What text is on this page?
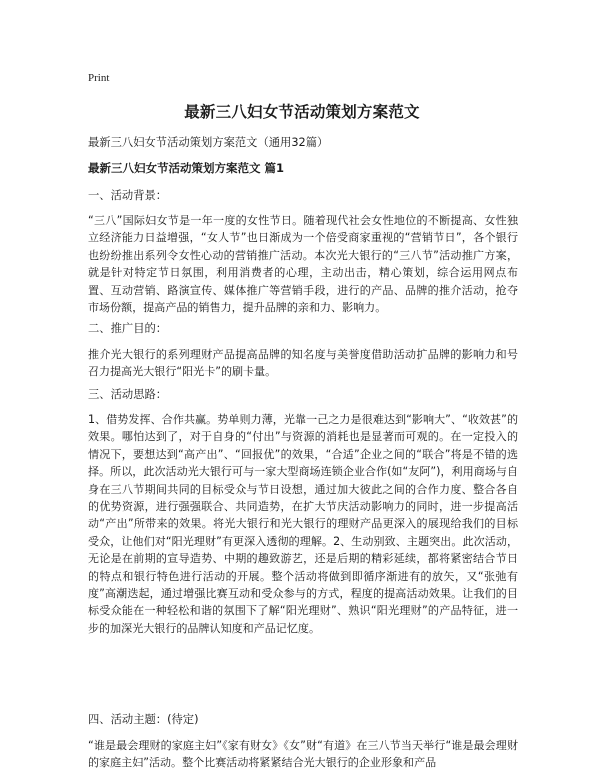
Print
最新三八妇女节活动策划方案范文

最新三八妇女节活动策划方案范文（通用32篇）

最新三八妇女节活动策划方案范文 篇1

一、活动背景：

“三八”国际妇女节是一年一度的女性节日。随着现代社会女性地位的不断提高、女性独立经济能力日益增强，“女人节”也日渐成为一个倍受商家重视的“营销节日”，各个银行也纷纷推出系列令女性心动的营销推广活动。本次光大银行的“三八节”活动推广方案，就是针对特定节日氛围，利用消费者的心理，主动出击，精心策划，综合运用网点布置、互动营销、路演宣传、媒体推广等营销手段，进行的产品、品牌的推介活动，抢夺市场份额，提高产品的销售力，提升品牌的亲和力、影响力。

二、推广目的：

推介光大银行的系列理财产品提高品牌的知名度与美誉度借助活动扩品牌的影响力和号召力提高光大银行“阳光卡”的刷卡量。

三、活动思路：

1、借势发挥、合作共赢。势单则力薄，光靠一己之力是很难达到“影响大”、“收效甚”的效果。哪怕达到了，对于自身的“付出”与资源的消耗也是显著而可观的。在一定投入的情况下，要想达到“高产出”、“回报优”的效果，“合适”企业之间的“联合”将是不错的选择。所以，此次活动光大银行可与一家大型商场连锁企业合作(如“友阿”)，利用商场与自身在三八节期间共同的目标受众与节日设想，通过加大彼此之间的合作力度、整合各自的优势资源，进行强强联合、共同造势，在扩大节庆活动影响力的同时，进一步提高活动“产出”所带来的效果。将光大银行和光大银行的理财产品更深入的展现给我们的目标受众，让他们对“阳光理财”有更深入透彻的理解。2、生动别致、主题突出。此次活动，无论是在前期的宣导造势、中期的趣致游艺，还是后期的精彩延续，都将紧密结合节日的特点和银行特色进行活动的开展。整个活动将做到即循序渐进有的放矢，又“张弛有度”高潮迭起，通过增强比赛互动和受众参与的方式，程度的提高活动效果。让我们的目标受众能在一种轻松和谐的氛围下了解“阳光理财”、熟识“阳光理财”的产品特征，进一步的加深光大银行的品牌认知度和产品记忆度。

四、活动主题：(待定)

“谁是最会理财的家庭主妇”《家有财女》《女”财“有道》在三八节当天举行“谁是最会理财的家庭主妇”活动。整个比赛活动将紧紧结合光大银行的企业形象和产品
